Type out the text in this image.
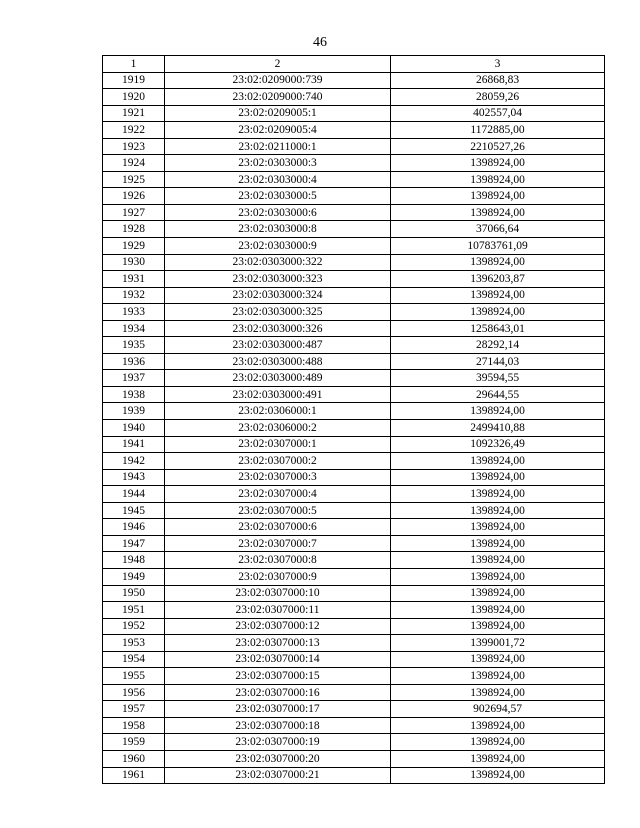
46
1	2	3
1919	23:02:0209000:739	26868,83
1920	23:02:0209000:740	28059,26
1921	23:02:0209005:1	402557,04
1922	23:02:0209005:4	1172885,00
1923	23:02:0211000:1	2210527,26
1924	23:02:0303000:3	1398924,00
1925	23:02:0303000:4	1398924,00
1926	23:02:0303000:5	1398924,00
1927	23:02:0303000:6	1398924,00
1928	23:02:0303000:8	37066,64
1929	23:02:0303000:9	10783761,09
1930	23:02:0303000:322	1398924,00
1931	23:02:0303000:323	1396203,87
1932	23:02:0303000:324	1398924,00
1933	23:02:0303000:325	1398924,00
1934	23:02:0303000:326	1258643,01
1935	23:02:0303000:487	28292,14
1936	23:02:0303000:488	27144,03
1937	23:02:0303000:489	39594,55
1938	23:02:0303000:491	29644,55
1939	23:02:0306000:1	1398924,00
1940	23:02:0306000:2	2499410,88
1941	23:02:0307000:1	1092326,49
1942	23:02:0307000:2	1398924,00
1943	23:02:0307000:3	1398924,00
1944	23:02:0307000:4	1398924,00
1945	23:02:0307000:5	1398924,00
1946	23:02:0307000:6	1398924,00
1947	23:02:0307000:7	1398924,00
1948	23:02:0307000:8	1398924,00
1949	23:02:0307000:9	1398924,00
1950	23:02:0307000:10	1398924,00
1951	23:02:0307000:11	1398924,00
1952	23:02:0307000:12	1398924,00
1953	23:02:0307000:13	1399001,72
1954	23:02:0307000:14	1398924,00
1955	23:02:0307000:15	1398924,00
1956	23:02:0307000:16	1398924,00
1957	23:02:0307000:17	902694,57
1958	23:02:0307000:18	1398924,00
1959	23:02:0307000:19	1398924,00
1960	23:02:0307000:20	1398924,00
1961	23:02:0307000:21	1398924,00
